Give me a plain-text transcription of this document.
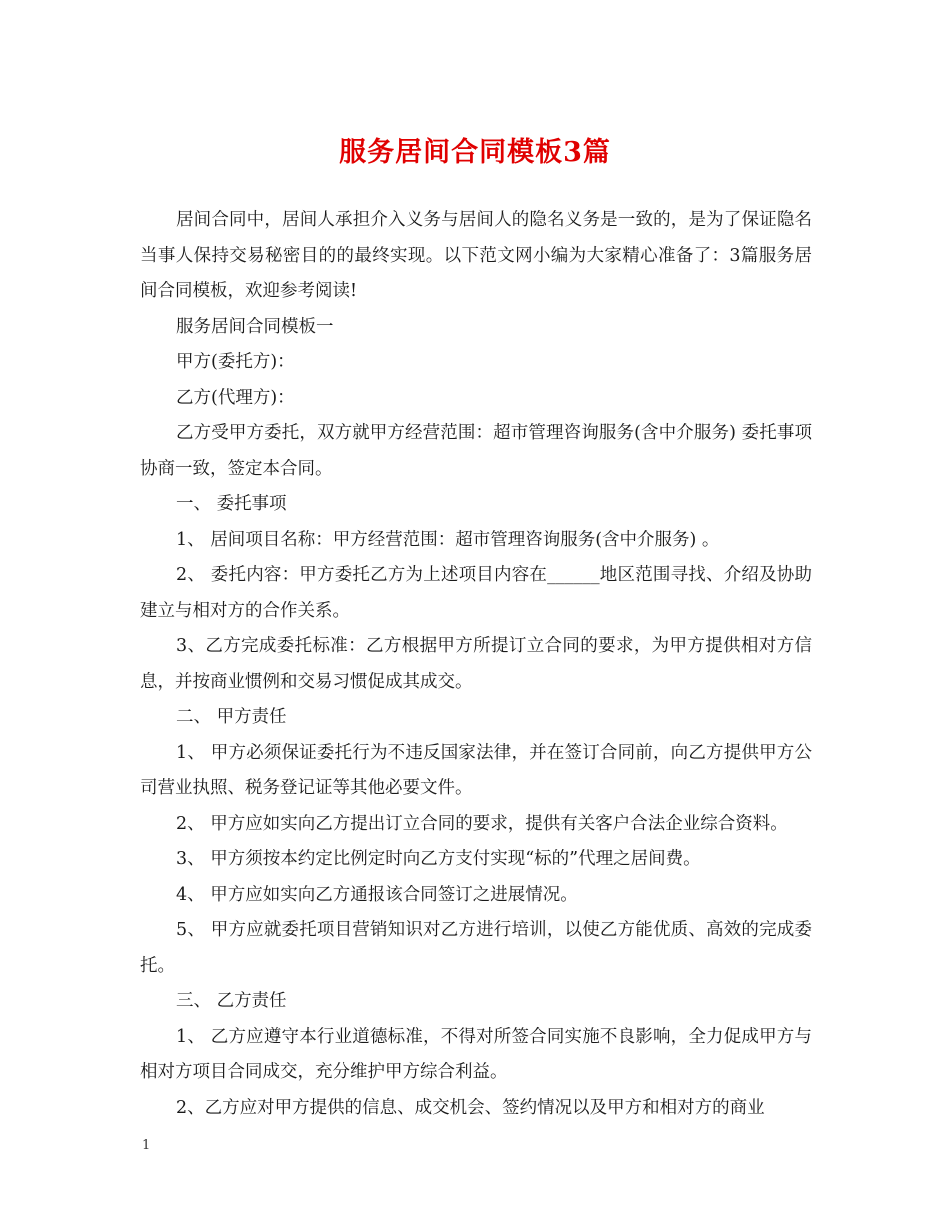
服务居间合同模板3篇

居间合同中，居间人承担介入义务与居间人的隐名义务是一致的，是为了保证隐名当事人保持交易秘密目的的最终实现。以下范文网小编为大家精心准备了：3篇服务居间合同模板，欢迎参考阅读!

服务居间合同模板一

甲方(委托方)：

乙方(代理方)：

乙方受甲方委托，双方就甲方经营范围：超市管理咨询服务(含中介服务) 委托事项协商一致，签定本合同。

一、 委托事项

1、 居间项目名称：甲方经营范围：超市管理咨询服务(含中介服务) 。

2、 委托内容：甲方委托乙方为上述项目内容在______地区范围寻找、介绍及协助建立与相对方的合作关系。

3、乙方完成委托标准：乙方根据甲方所提订立合同的要求，为甲方提供相对方信息，并按商业惯例和交易习惯促成其成交。

二、 甲方责任

1、 甲方必须保证委托行为不违反国家法律，并在签订合同前，向乙方提供甲方公司营业执照、税务登记证等其他必要文件。

2、 甲方应如实向乙方提出订立合同的要求，提供有关客户合法企业综合资料。

3、 甲方须按本约定比例定时向乙方支付实现“标的”代理之居间费。

4、 甲方应如实向乙方通报该合同签订之进展情况。

5、 甲方应就委托项目营销知识对乙方进行培训，以使乙方能优质、高效的完成委托。

三、 乙方责任

1、 乙方应遵守本行业道德标准，不得对所签合同实施不良影响，全力促成甲方与相对方项目合同成交，充分维护甲方综合利益。

2、乙方应对甲方提供的信息、成交机会、签约情况以及甲方和相对方的商业

1
